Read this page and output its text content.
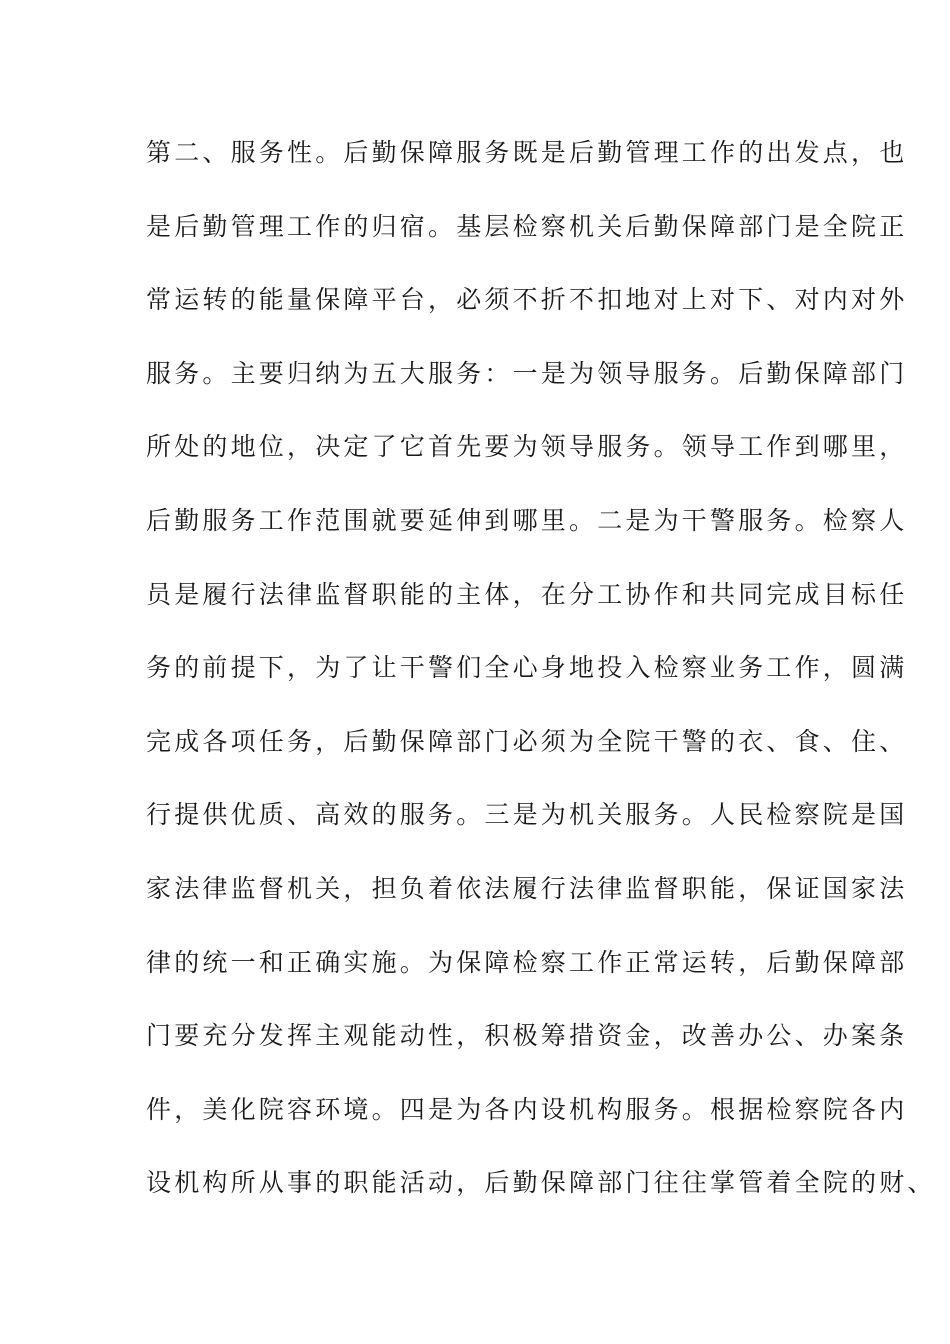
第二、服务性。后勤保障服务既是后勤管理工作的出发点，也
是后勤管理工作的归宿。基层检察机关后勤保障部门是全院正
常运转的能量保障平台，必须不折不扣地对上对下、对内对外
服务。主要归纳为五大服务：一是为领导服务。后勤保障部门
所处的地位，决定了它首先要为领导服务。领导工作到哪里，
后勤服务工作范围就要延伸到哪里。二是为干警服务。检察人
员是履行法律监督职能的主体，在分工协作和共同完成目标任
务的前提下，为了让干警们全心身地投入检察业务工作，圆满
完成各项任务，后勤保障部门必须为全院干警的衣、食、住、
行提供优质、高效的服务。三是为机关服务。人民检察院是国
家法律监督机关，担负着依法履行法律监督职能，保证国家法
律的统一和正确实施。为保障检察工作正常运转，后勤保障部
门要充分发挥主观能动性，积极筹措资金，改善办公、办案条
件，美化院容环境。四是为各内设机构服务。根据检察院各内
设机构所从事的职能活动，后勤保障部门往往掌管着全院的财、
